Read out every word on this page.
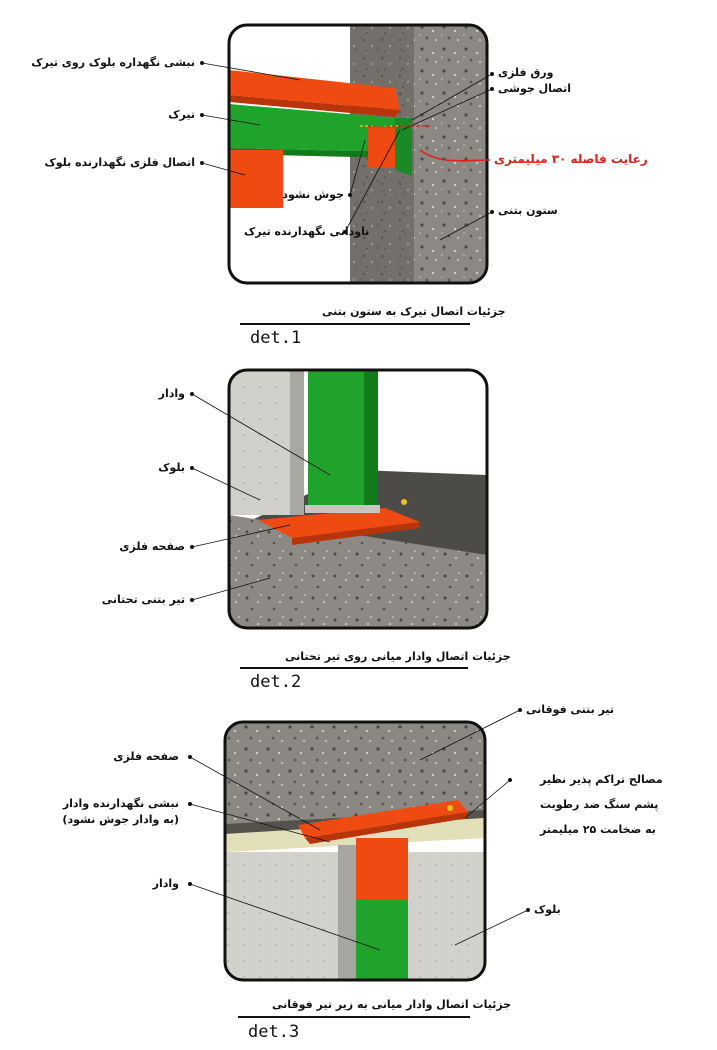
نبشی نگهداره بلوک روی تیرک
تیرک
اتصال فلزی نگهدارنده بلوک
جوش نشود
ناودانی نگهدارنده تیرک
ورق فلزی
اتصال جوشی
رعایت فاصله ۳۰ میلیمتری
ستون بتنی
جزئیات اتصال تیرک به ستون بتنی
det.1
وادار
بلوک
صفحه فلزی
تیر بتنی تحتانی
جزئیات اتصال وادار میانی روی تیر تحتانی
det.2
تیر بتنی فوقانی
صفحه فلزی
نبشی نگهدارنده وادار
(به وادار جوش نشود)
وادار
مصالح تراکم پذیر نظیر
پشم سنگ ضد رطوبت
به ضخامت ۲۵ میلیمتر
بلوک
جزئیات اتصال وادار میانی به زیر تیر فوقانی
det.3
